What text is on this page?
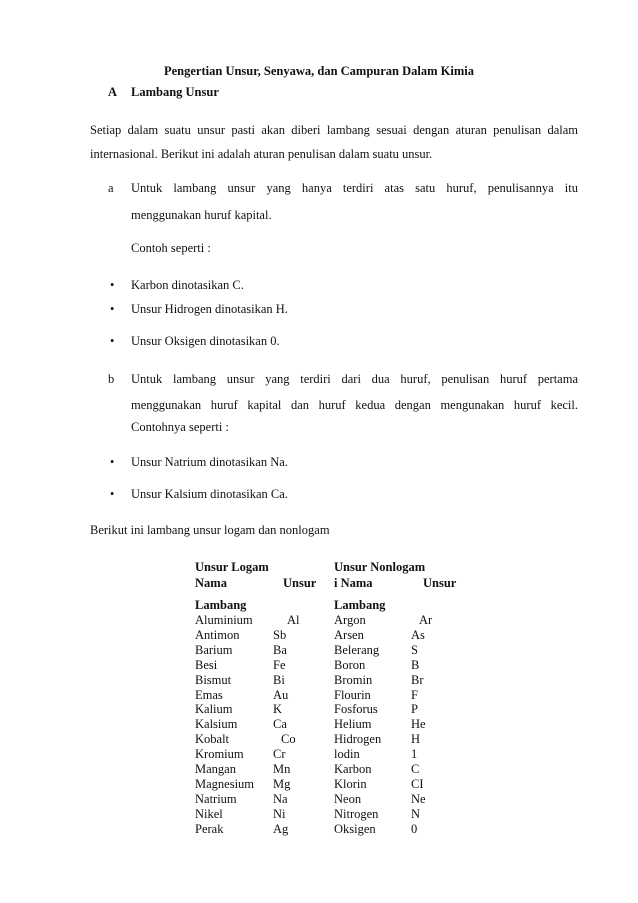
Pengertian Unsur, Senyawa, dan Campuran Dalam Kimia
A Lambang Unsur
Setiap dalam suatu unsur pasti akan diberi lambang sesuai dengan aturan penulisan dalam
internasional. Berikut ini adalah aturan penulisan dalam suatu unsur.
a Untuk lambang unsur yang hanya terdiri atas satu huruf, penulisannya itu
menggunakan huruf kapital.
Contoh seperti :
• Karbon dinotasikan C.
• Unsur Hidrogen dinotasikan H.
• Unsur Oksigen dinotasikan 0.
b Untuk lambang unsur yang terdiri dari dua huruf, penulisan huruf pertama
menggunakan huruf kapital dan huruf kedua dengan mengunakan huruf kecil.
Contohnya seperti :
• Unsur Natrium dinotasikan Na.
• Unsur Kalsium dinotasikan Ca.
Berikut ini lambang unsur logam dan nonlogam
Unsur Logam
Nama	Unsur
Lambang
Unsur Nonlogam
i Nama	Unsur
Lambang
Aluminium	Al	Argon	Ar
Antimon	Sb	Arsen	As
Barium	Ba	Belerang	S
Besi	Fe	Boron	B
Bismut	Bi	Bromin	Br
Emas	Au	Flourin	F
Kalium	K	Fosforus	P
Kalsium	Ca	Helium	He
Kobalt	Co	Hidrogen H
Kromium Cr	lodin	1
Mangan	Mn	Karbon	C
Magnesium Mg	Klorin	CI
Natrium	Na	Neon	Ne
Nikel	Ni	Nitrogen	N
Perak	Ag	Oksigen	0
